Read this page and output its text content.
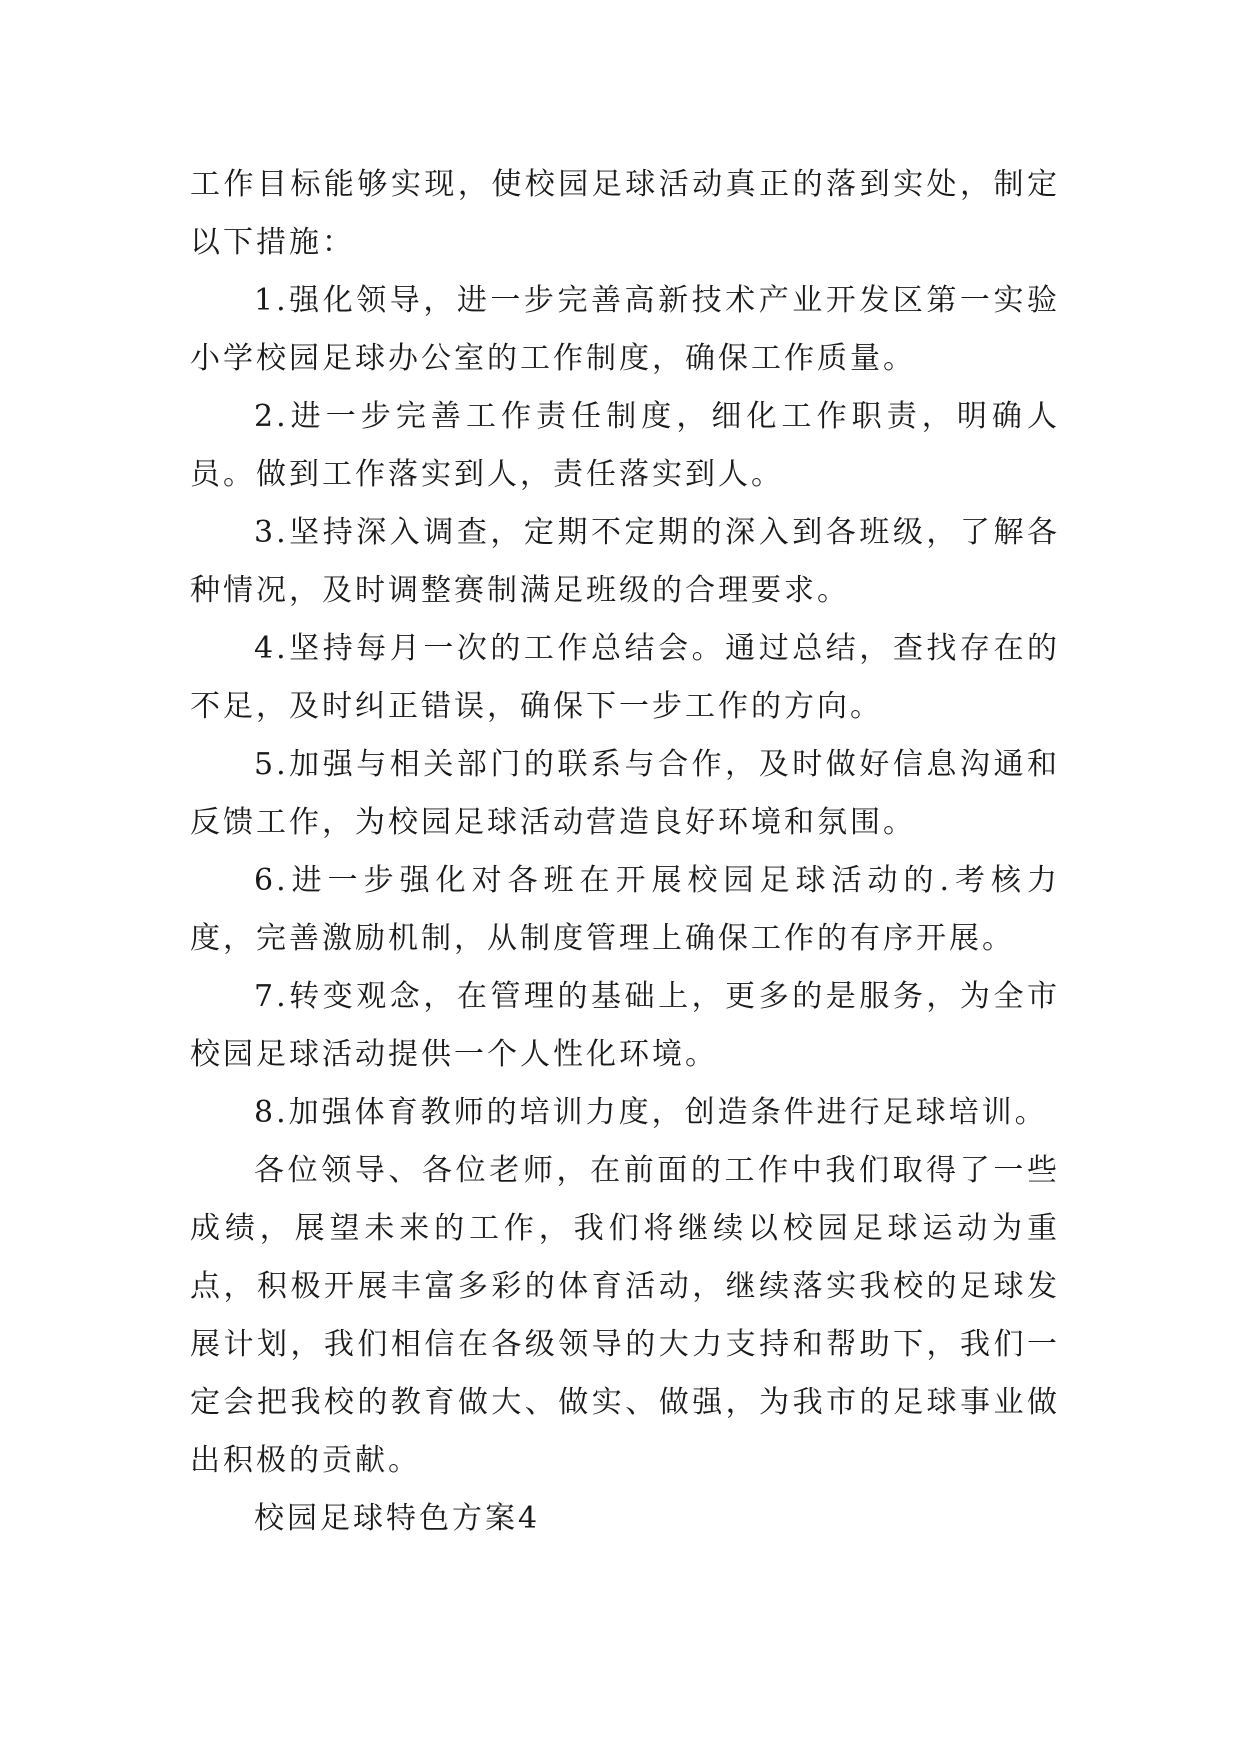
工作目标能够实现，使校园足球活动真正的落到实处，制定以下措施：

1.强化领导，进一步完善高新技术产业开发区第一实验小学校园足球办公室的工作制度，确保工作质量。

2.进一步完善工作责任制度，细化工作职责，明确人员。做到工作落实到人，责任落实到人。

3.坚持深入调查，定期不定期的深入到各班级，了解各种情况，及时调整赛制满足班级的合理要求。

4.坚持每月一次的工作总结会。通过总结，查找存在的不足，及时纠正错误，确保下一步工作的方向。

5.加强与相关部门的联系与合作，及时做好信息沟通和反馈工作，为校园足球活动营造良好环境和氛围。

6.进一步强化对各班在开展校园足球活动的.考核力度，完善激励机制，从制度管理上确保工作的有序开展。

7.转变观念，在管理的基础上，更多的是服务，为全市校园足球活动提供一个人性化环境。

8.加强体育教师的培训力度，创造条件进行足球培训。

各位领导、各位老师，在前面的工作中我们取得了一些成绩，展望未来的工作，我们将继续以校园足球运动为重点，积极开展丰富多彩的体育活动，继续落实我校的足球发展计划，我们相信在各级领导的大力支持和帮助下，我们一定会把我校的教育做大、做实、做强，为我市的足球事业做出积极的贡献。

校园足球特色方案4
